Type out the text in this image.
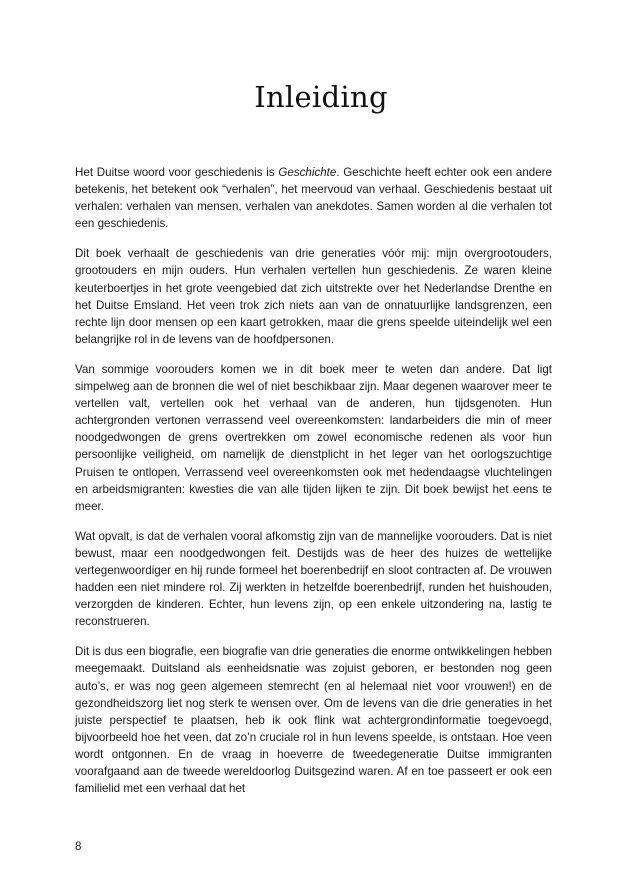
Inleiding

Het Duitse woord voor geschiedenis is Geschichte. Geschichte heeft echter ook een andere betekenis, het betekent ook “verhalen”, het meervoud van verhaal. Geschiedenis bestaat uit verhalen: verhalen van mensen, verhalen van anekdotes. Samen worden al die verhalen tot een geschiedenis.

Dit boek verhaalt de geschiedenis van drie generaties vóór mij: mijn overgrootouders, grootouders en mijn ouders. Hun verhalen vertellen hun geschiedenis. Ze waren kleine keuterboertjes in het grote veengebied dat zich uitstrekte over het Nederlandse Drenthe en het Duitse Emsland. Het veen trok zich niets aan van de onnatuurlijke landsgrenzen, een rechte lijn door mensen op een kaart getrokken, maar die grens speelde uiteindelijk wel een belangrijke rol in de levens van de hoofdpersonen.

Van sommige voorouders komen we in dit boek meer te weten dan andere. Dat ligt simpelweg aan de bronnen die wel of niet beschikbaar zijn. Maar degenen waarover meer te vertellen valt, vertellen ook het verhaal van de anderen, hun tijdsgenoten. Hun achtergronden vertonen verrassend veel overeenkomsten: landarbeiders die min of meer noodgedwongen de grens overtrekken om zowel economische redenen als voor hun persoonlijke veiligheid, om namelijk de dienstplicht in het leger van het oorlogszuchtige Pruisen te ontlopen. Verrassend veel overeenkomsten ook met hedendaagse vluchtelingen en arbeidsmigranten: kwesties die van alle tijden lijken te zijn. Dit boek bewijst het eens te meer.

Wat opvalt, is dat de verhalen vooral afkomstig zijn van de mannelijke voorouders. Dat is niet bewust, maar een noodgedwongen feit. Destijds was de heer des huizes de wettelijke vertegenwoordiger en hij runde formeel het boerenbedrijf en sloot contracten af. De vrouwen hadden een niet mindere rol. Zij werkten in hetzelfde boerenbedrijf, runden het huishouden, verzorgden de kinderen. Echter, hun levens zijn, op een enkele uitzondering na, lastig te reconstrueren.

Dit is dus een biografie, een biografie van drie generaties die enorme ontwikkelingen hebben meegemaakt. Duitsland als eenheidsnatie was zojuist geboren, er bestonden nog geen auto’s, er was nog geen algemeen stemrecht (en al helemaal niet voor vrouwen!) en de gezondheidszorg liet nog sterk te wensen over. Om de levens van die drie generaties in het juiste perspectief te plaatsen, heb ik ook flink wat achtergrondinformatie toegevoegd, bijvoorbeeld hoe het veen, dat zo’n cruciale rol in hun levens speelde, is ontstaan. Hoe veen wordt ontgonnen. En de vraag in hoeverre de tweedegeneratie Duitse immigranten voorafgaand aan de tweede wereldoorlog Duitsgezind waren. Af en toe passeert er ook een familielid met een verhaal dat het

8
